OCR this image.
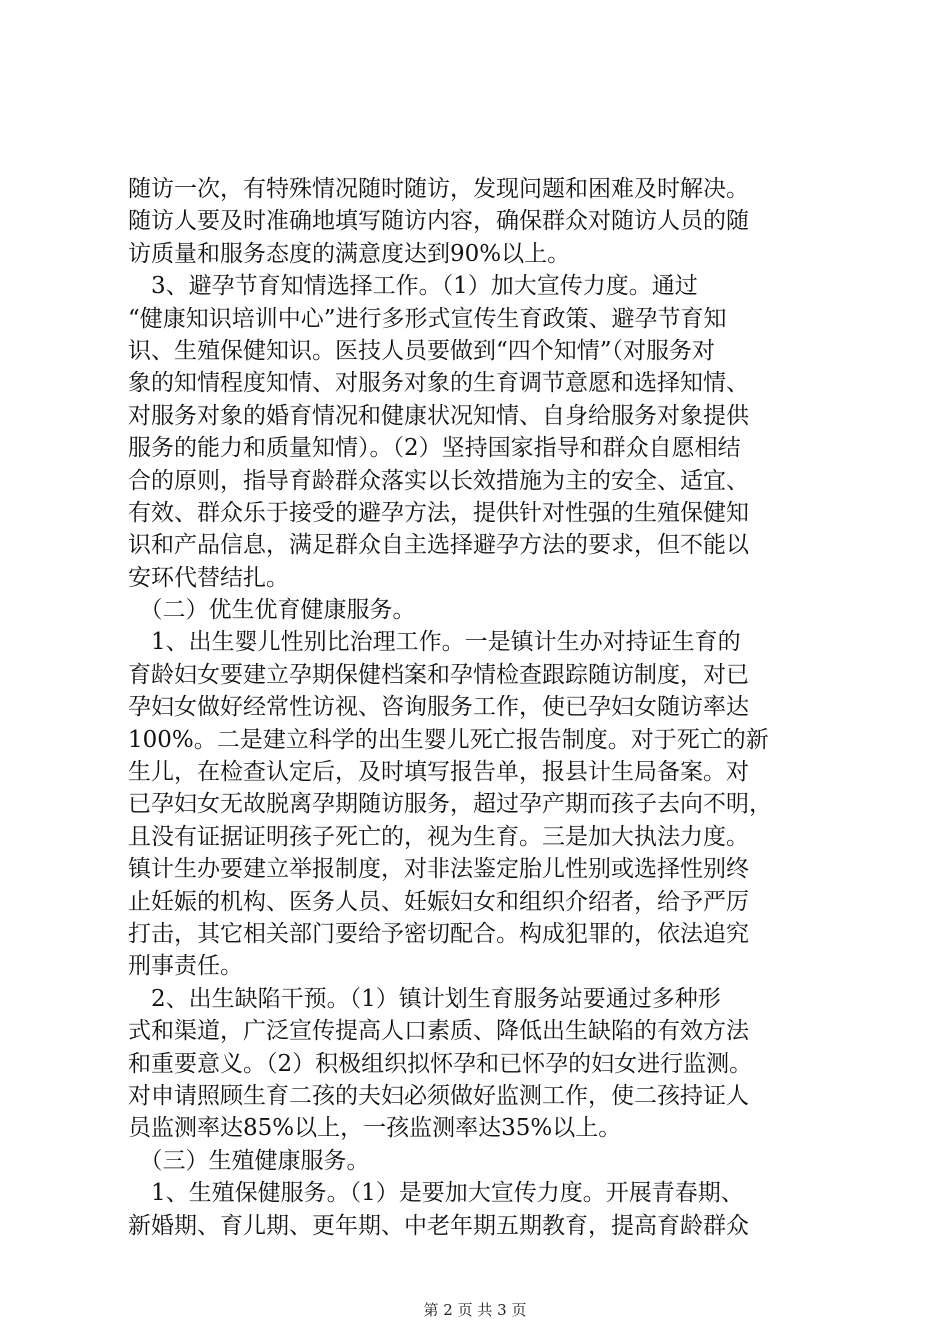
随访一次，有特殊情况随时随访，发现问题和困难及时解决。
随访人要及时准确地填写随访内容，确保群众对随访人员的随
访质量和服务态度的满意度达到90%以上。
　3、避孕节育知情选择工作。（1）加大宣传力度。通过
“健康知识培训中心”进行多形式宣传生育政策、避孕节育知
识、生殖保健知识。医技人员要做到“四个知情”（对服务对
象的知情程度知情、对服务对象的生育调节意愿和选择知情、
对服务对象的婚育情况和健康状况知情、自身给服务对象提供
服务的能力和质量知情）。（2）坚持国家指导和群众自愿相结
合的原则，指导育龄群众落实以长效措施为主的安全、适宜、
有效、群众乐于接受的避孕方法，提供针对性强的生殖保健知
识和产品信息，满足群众自主选择避孕方法的要求，但不能以
安环代替结扎。
　（二）优生优育健康服务。
　1、出生婴儿性别比治理工作。一是镇计生办对持证生育的
育龄妇女要建立孕期保健档案和孕情检查跟踪随访制度，对已
孕妇女做好经常性访视、咨询服务工作，使已孕妇女随访率达
100%。二是建立科学的出生婴儿死亡报告制度。对于死亡的新
生儿，在检查认定后，及时填写报告单，报县计生局备案。对
已孕妇女无故脱离孕期随访服务，超过孕产期而孩子去向不明，
且没有证据证明孩子死亡的，视为生育。三是加大执法力度。
镇计生办要建立举报制度，对非法鉴定胎儿性别或选择性别终
止妊娠的机构、医务人员、妊娠妇女和组织介绍者，给予严厉
打击，其它相关部门要给予密切配合。构成犯罪的，依法追究
刑事责任。
　2、出生缺陷干预。（1）镇计划生育服务站要通过多种形
式和渠道，广泛宣传提高人口素质、降低出生缺陷的有效方法
和重要意义。（2）积极组织拟怀孕和已怀孕的妇女进行监测。
对申请照顾生育二孩的夫妇必须做好监测工作，使二孩持证人
员监测率达85%以上，一孩监测率达35%以上。
　（三）生殖健康服务。
　1、生殖保健服务。（1）是要加大宣传力度。开展青春期、
新婚期、育儿期、更年期、中老年期五期教育，提高育龄群众
第 2 页 共 3 页
